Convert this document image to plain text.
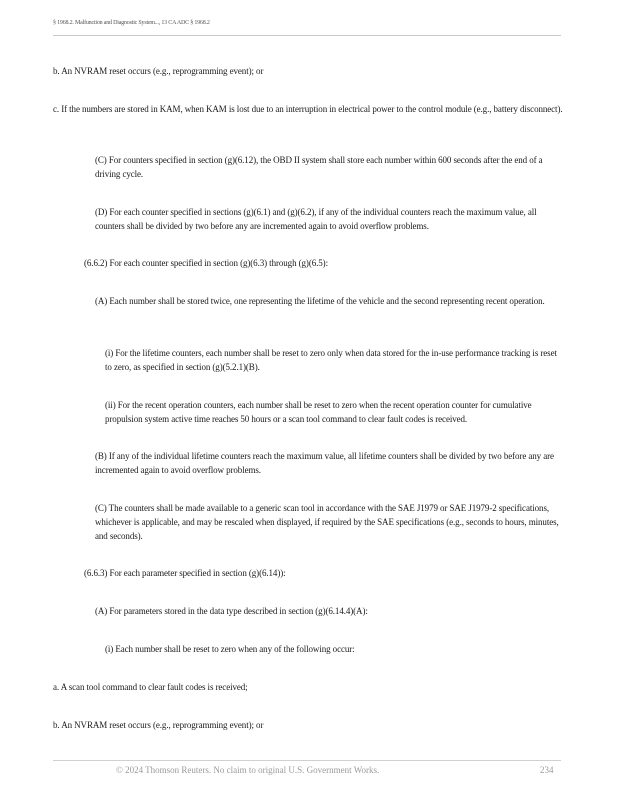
§ 1968.2. Malfunction and Diagnostic System..., 13 CA ADC § 1968.2

b. An NVRAM reset occurs (e.g., reprogramming event); or

c. If the numbers are stored in KAM, when KAM is lost due to an interruption in electrical power to the control module (e.g., battery disconnect).

(C) For counters specified in section (g)(6.12), the OBD II system shall store each number within 600 seconds after the end of a driving cycle.

(D) For each counter specified in sections (g)(6.1) and (g)(6.2), if any of the individual counters reach the maximum value, all counters shall be divided by two before any are incremented again to avoid overflow problems.

(6.6.2) For each counter specified in section (g)(6.3) through (g)(6.5):

(A) Each number shall be stored twice, one representing the lifetime of the vehicle and the second representing recent operation.

(i) For the lifetime counters, each number shall be reset to zero only when data stored for the in-use performance tracking is reset to zero, as specified in section (g)(5.2.1)(B).

(ii) For the recent operation counters, each number shall be reset to zero when the recent operation counter for cumulative propulsion system active time reaches 50 hours or a scan tool command to clear fault codes is received.

(B) If any of the individual lifetime counters reach the maximum value, all lifetime counters shall be divided by two before any are incremented again to avoid overflow problems.

(C) The counters shall be made available to a generic scan tool in accordance with the SAE J1979 or SAE J1979-2 specifications, whichever is applicable, and may be rescaled when displayed, if required by the SAE specifications (e.g., seconds to hours, minutes, and seconds).

(6.6.3) For each parameter specified in section (g)(6.14)):

(A) For parameters stored in the data type described in section (g)(6.14.4)(A):

(i) Each number shall be reset to zero when any of the following occur:

a. A scan tool command to clear fault codes is received;

b. An NVRAM reset occurs (e.g., reprogramming event); or

© 2024 Thomson Reuters. No claim to original U.S. Government Works.	234
